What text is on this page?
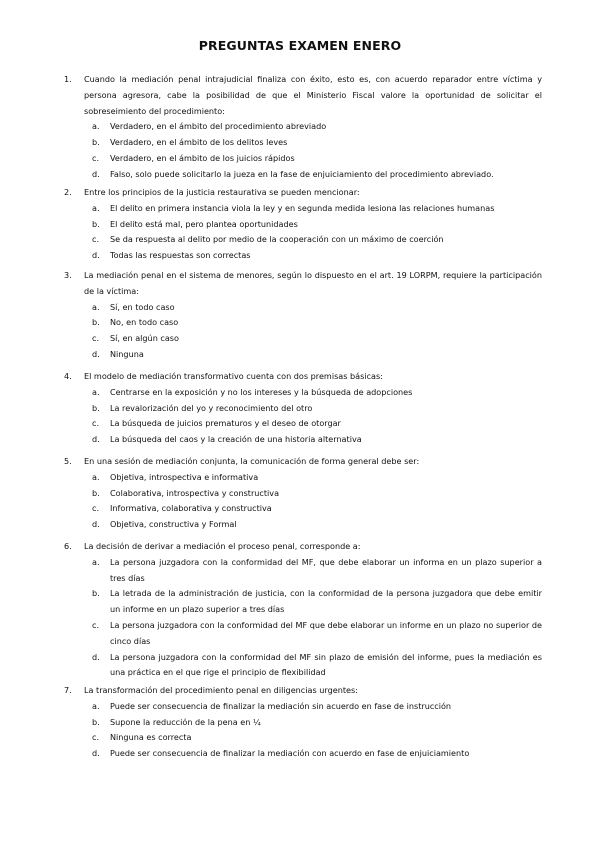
PREGUNTAS EXAMEN ENERO
1.	Cuando la mediación penal intrajudicial finaliza con éxito, esto es, con acuerdo reparador entre víctima y persona agresora, cabe la posibilidad de que el Ministerio Fiscal valore la oportunidad de solicitar el sobreseimiento del procedimiento:
a. Verdadero, en el ámbito del procedimiento abreviado
b. Verdadero, en el ámbito de los delitos leves
c. Verdadero, en el ámbito de los juicios rápidos
d. Falso, solo puede solicitarlo la jueza en la fase de enjuiciamiento del procedimiento abreviado.
2.	Entre los principios de la justicia restaurativa se pueden mencionar:
a. El delito en primera instancia viola la ley y en segunda medida lesiona las relaciones humanas
b. El delito está mal, pero plantea oportunidades
c. Se da respuesta al delito por medio de la cooperación con un máximo de coerción
d. Todas las respuestas son correctas
3.	La mediación penal en el sistema de menores, según lo dispuesto en el art. 19 LORPM, requiere la participación de la víctima:
a. Sí, en todo caso
b. No, en todo caso
c. Sí, en algún caso
d. Ninguna
4.	El modelo de mediación transformativo cuenta con dos premisas básicas:
a. Centrarse en la exposición y no los intereses y la búsqueda de adopciones
b. La revalorización del yo y reconocimiento del otro
c. La búsqueda de juicios prematuros y el deseo de otorgar
d. La búsqueda del caos y la creación de una historia alternativa
5.	En una sesión de mediación conjunta, la comunicación de forma general debe ser:
a. Objetiva, introspectiva e informativa
b. Colaborativa, introspectiva y constructiva
c. Informativa, colaborativa y constructiva
d. Objetiva, constructiva y Formal
6.	La decisión de derivar a mediación el proceso penal, corresponde a:
a. La persona juzgadora con la conformidad del MF, que debe elaborar un informa en un plazo superior a tres días
b. La letrada de la administración de justicia, con la conformidad de la persona juzgadora que debe emitir un informe en un plazo superior a tres días
c. La persona juzgadora con la conformidad del MF que debe elaborar un informe en un plazo no superior de cinco días
d. La persona juzgadora con la conformidad del MF sin plazo de emisión del informe, pues la mediación es una práctica en el que rige el principio de flexibilidad
7.	La transformación del procedimiento penal en diligencias urgentes:
a. Puede ser consecuencia de finalizar la mediación sin acuerdo en fase de instrucción
b. Supone la reducción de la pena en ¼
c. Ninguna es correcta
d. Puede ser consecuencia de finalizar la mediación con acuerdo en fase de enjuiciamiento
